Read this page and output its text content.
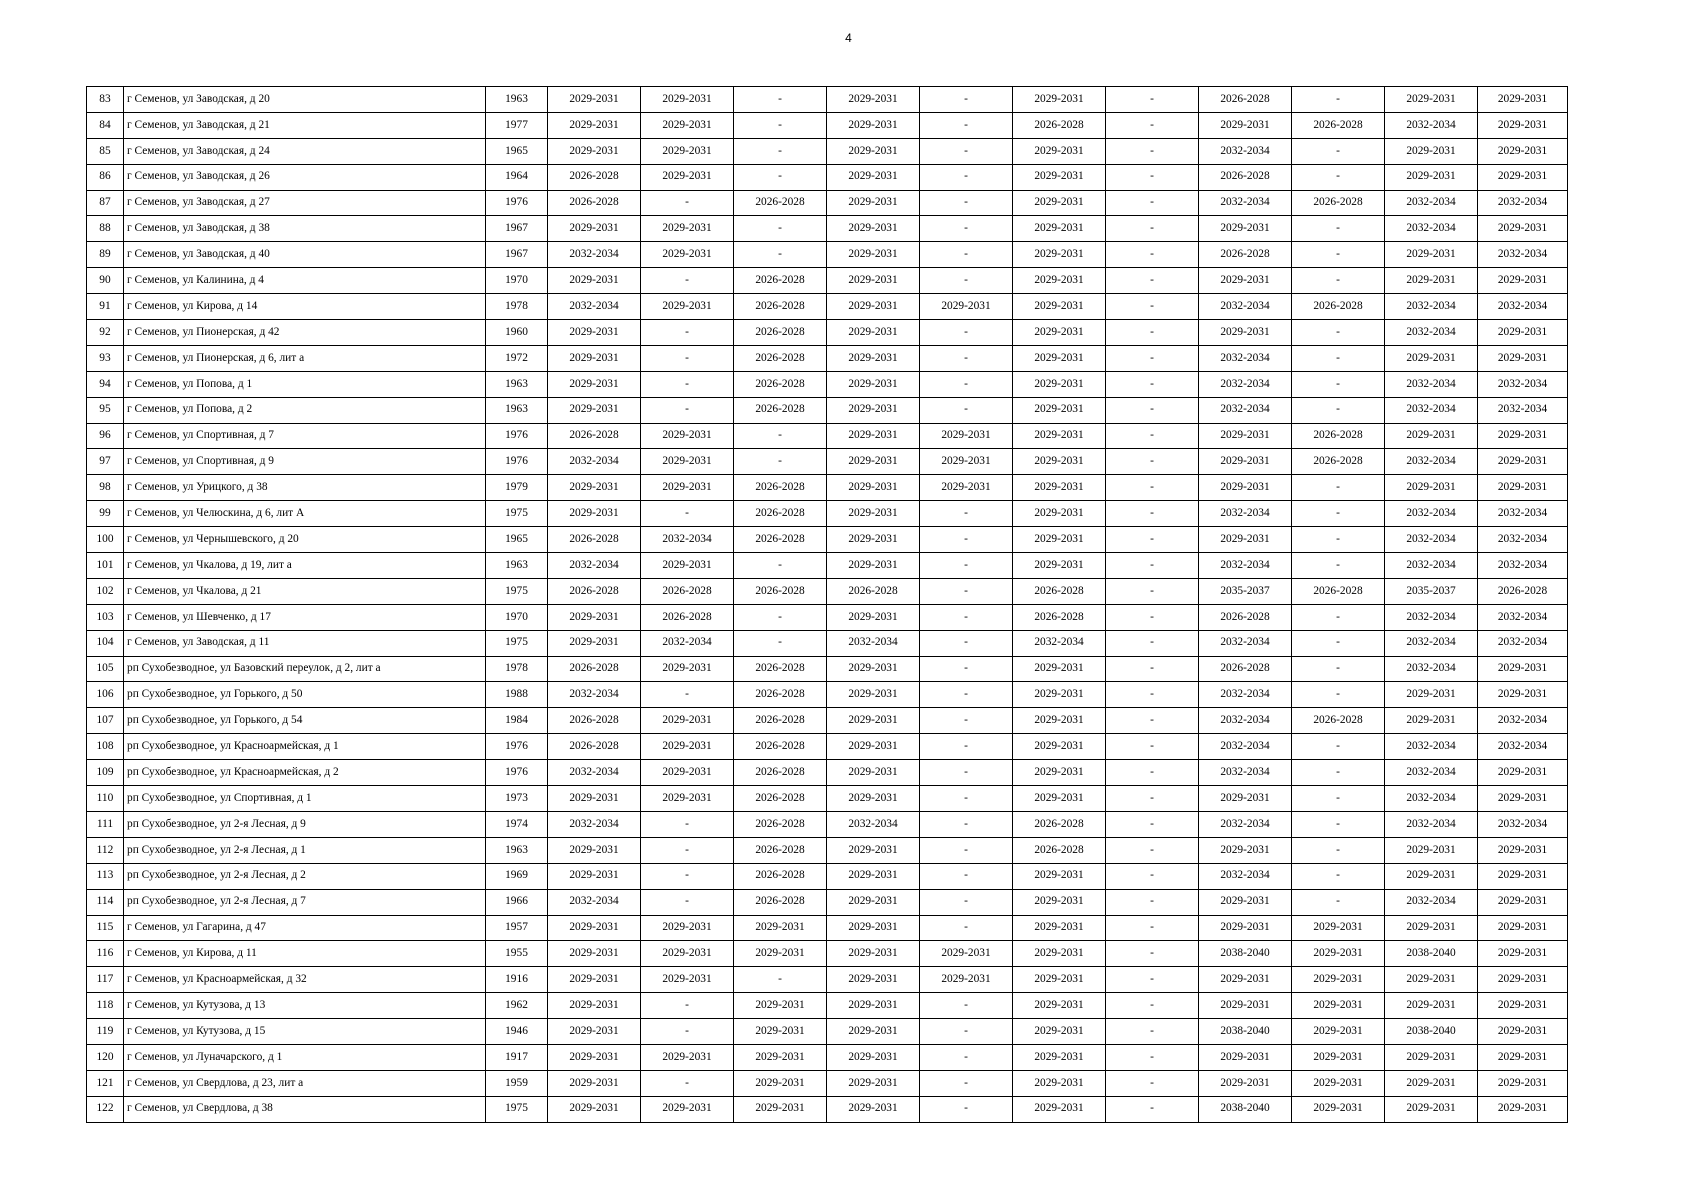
4
83	г Семенов, ул Заводская, д 20	1963	2029-2031	2029-2031	-	2029-2031	-	2029-2031	-	2026-2028	-	2029-2031	2029-2031
84	г Семенов, ул Заводская, д 21	1977	2029-2031	2029-2031	-	2029-2031	-	2026-2028	-	2029-2031	2026-2028	2032-2034	2029-2031
85	г Семенов, ул Заводская, д 24	1965	2029-2031	2029-2031	-	2029-2031	-	2029-2031	-	2032-2034	-	2029-2031	2029-2031
86	г Семенов, ул Заводская, д 26	1964	2026-2028	2029-2031	-	2029-2031	-	2029-2031	-	2026-2028	-	2029-2031	2029-2031
87	г Семенов, ул Заводская, д 27	1976	2026-2028	-	2026-2028	2029-2031	-	2029-2031	-	2032-2034	2026-2028	2032-2034	2032-2034
88	г Семенов, ул Заводская, д 38	1967	2029-2031	2029-2031	-	2029-2031	-	2029-2031	-	2029-2031	-	2032-2034	2029-2031
89	г Семенов, ул Заводская, д 40	1967	2032-2034	2029-2031	-	2029-2031	-	2029-2031	-	2026-2028	-	2029-2031	2032-2034
90	г Семенов, ул Калинина, д 4	1970	2029-2031	-	2026-2028	2029-2031	-	2029-2031	-	2029-2031	-	2029-2031	2029-2031
91	г Семенов, ул Кирова, д 14	1978	2032-2034	2029-2031	2026-2028	2029-2031	2029-2031	2029-2031	-	2032-2034	2026-2028	2032-2034	2032-2034
92	г Семенов, ул Пионерская, д 42	1960	2029-2031	-	2026-2028	2029-2031	-	2029-2031	-	2029-2031	-	2032-2034	2029-2031
93	г Семенов, ул Пионерская, д 6, лит а	1972	2029-2031	-	2026-2028	2029-2031	-	2029-2031	-	2032-2034	-	2029-2031	2029-2031
94	г Семенов, ул Попова, д 1	1963	2029-2031	-	2026-2028	2029-2031	-	2029-2031	-	2032-2034	-	2032-2034	2032-2034
95	г Семенов, ул Попова, д 2	1963	2029-2031	-	2026-2028	2029-2031	-	2029-2031	-	2032-2034	-	2032-2034	2032-2034
96	г Семенов, ул Спортивная, д 7	1976	2026-2028	2029-2031	-	2029-2031	2029-2031	2029-2031	-	2029-2031	2026-2028	2029-2031	2029-2031
97	г Семенов, ул Спортивная, д 9	1976	2032-2034	2029-2031	-	2029-2031	2029-2031	2029-2031	-	2029-2031	2026-2028	2032-2034	2029-2031
98	г Семенов, ул Урицкого, д 38	1979	2029-2031	2029-2031	2026-2028	2029-2031	2029-2031	2029-2031	-	2029-2031	-	2029-2031	2029-2031
99	г Семенов, ул Челюскина, д 6, лит А	1975	2029-2031	-	2026-2028	2029-2031	-	2029-2031	-	2032-2034	-	2032-2034	2032-2034
100	г Семенов, ул Чернышевского, д 20	1965	2026-2028	2032-2034	2026-2028	2029-2031	-	2029-2031	-	2029-2031	-	2032-2034	2032-2034
101	г Семенов, ул Чкалова, д 19, лит а	1963	2032-2034	2029-2031	-	2029-2031	-	2029-2031	-	2032-2034	-	2032-2034	2032-2034
102	г Семенов, ул Чкалова, д 21	1975	2026-2028	2026-2028	2026-2028	2026-2028	-	2026-2028	-	2035-2037	2026-2028	2035-2037	2026-2028
103	г Семенов, ул Шевченко, д 17	1970	2029-2031	2026-2028	-	2029-2031	-	2026-2028	-	2026-2028	-	2032-2034	2032-2034
104	г Семенов, ул Заводская, д 11	1975	2029-2031	2032-2034	-	2032-2034	-	2032-2034	-	2032-2034	-	2032-2034	2032-2034
105	рп Сухобезводное, ул Базовский переулок, д 2, лит а	1978	2026-2028	2029-2031	2026-2028	2029-2031	-	2029-2031	-	2026-2028	-	2032-2034	2029-2031
106	рп Сухобезводное, ул Горького, д 50	1988	2032-2034	-	2026-2028	2029-2031	-	2029-2031	-	2032-2034	-	2029-2031	2029-2031
107	рп Сухобезводное, ул Горького, д 54	1984	2026-2028	2029-2031	2026-2028	2029-2031	-	2029-2031	-	2032-2034	2026-2028	2029-2031	2032-2034
108	рп Сухобезводное, ул Красноармейская, д 1	1976	2026-2028	2029-2031	2026-2028	2029-2031	-	2029-2031	-	2032-2034	-	2032-2034	2032-2034
109	рп Сухобезводное, ул Красноармейская, д 2	1976	2032-2034	2029-2031	2026-2028	2029-2031	-	2029-2031	-	2032-2034	-	2032-2034	2029-2031
110	рп Сухобезводное, ул Спортивная, д 1	1973	2029-2031	2029-2031	2026-2028	2029-2031	-	2029-2031	-	2029-2031	-	2032-2034	2029-2031
111	рп Сухобезводное, ул 2-я Лесная, д 9	1974	2032-2034	-	2026-2028	2032-2034	-	2026-2028	-	2032-2034	-	2032-2034	2032-2034
112	рп Сухобезводное, ул 2-я Лесная, д 1	1963	2029-2031	-	2026-2028	2029-2031	-	2026-2028	-	2029-2031	-	2029-2031	2029-2031
113	рп Сухобезводное, ул 2-я Лесная, д 2	1969	2029-2031	-	2026-2028	2029-2031	-	2029-2031	-	2032-2034	-	2029-2031	2029-2031
114	рп Сухобезводное, ул 2-я Лесная, д 7	1966	2032-2034	-	2026-2028	2029-2031	-	2029-2031	-	2029-2031	-	2032-2034	2029-2031
115	г Семенов, ул Гагарина, д 47	1957	2029-2031	2029-2031	2029-2031	2029-2031	-	2029-2031	-	2029-2031	2029-2031	2029-2031	2029-2031
116	г Семенов, ул Кирова, д 11	1955	2029-2031	2029-2031	2029-2031	2029-2031	2029-2031	2029-2031	-	2038-2040	2029-2031	2038-2040	2029-2031
117	г Семенов, ул Красноармейская, д 32	1916	2029-2031	2029-2031	-	2029-2031	2029-2031	2029-2031	-	2029-2031	2029-2031	2029-2031	2029-2031
118	г Семенов, ул Кутузова, д 13	1962	2029-2031	-	2029-2031	2029-2031	-	2029-2031	-	2029-2031	2029-2031	2029-2031	2029-2031
119	г Семенов, ул Кутузова, д 15	1946	2029-2031	-	2029-2031	2029-2031	-	2029-2031	-	2038-2040	2029-2031	2038-2040	2029-2031
120	г Семенов, ул Луначарского, д 1	1917	2029-2031	2029-2031	2029-2031	2029-2031	-	2029-2031	-	2029-2031	2029-2031	2029-2031	2029-2031
121	г Семенов, ул Свердлова, д 23, лит а	1959	2029-2031	-	2029-2031	2029-2031	-	2029-2031	-	2029-2031	2029-2031	2029-2031	2029-2031
122	г Семенов, ул Свердлова, д 38	1975	2029-2031	2029-2031	2029-2031	2029-2031	-	2029-2031	-	2038-2040	2029-2031	2029-2031	2029-2031
